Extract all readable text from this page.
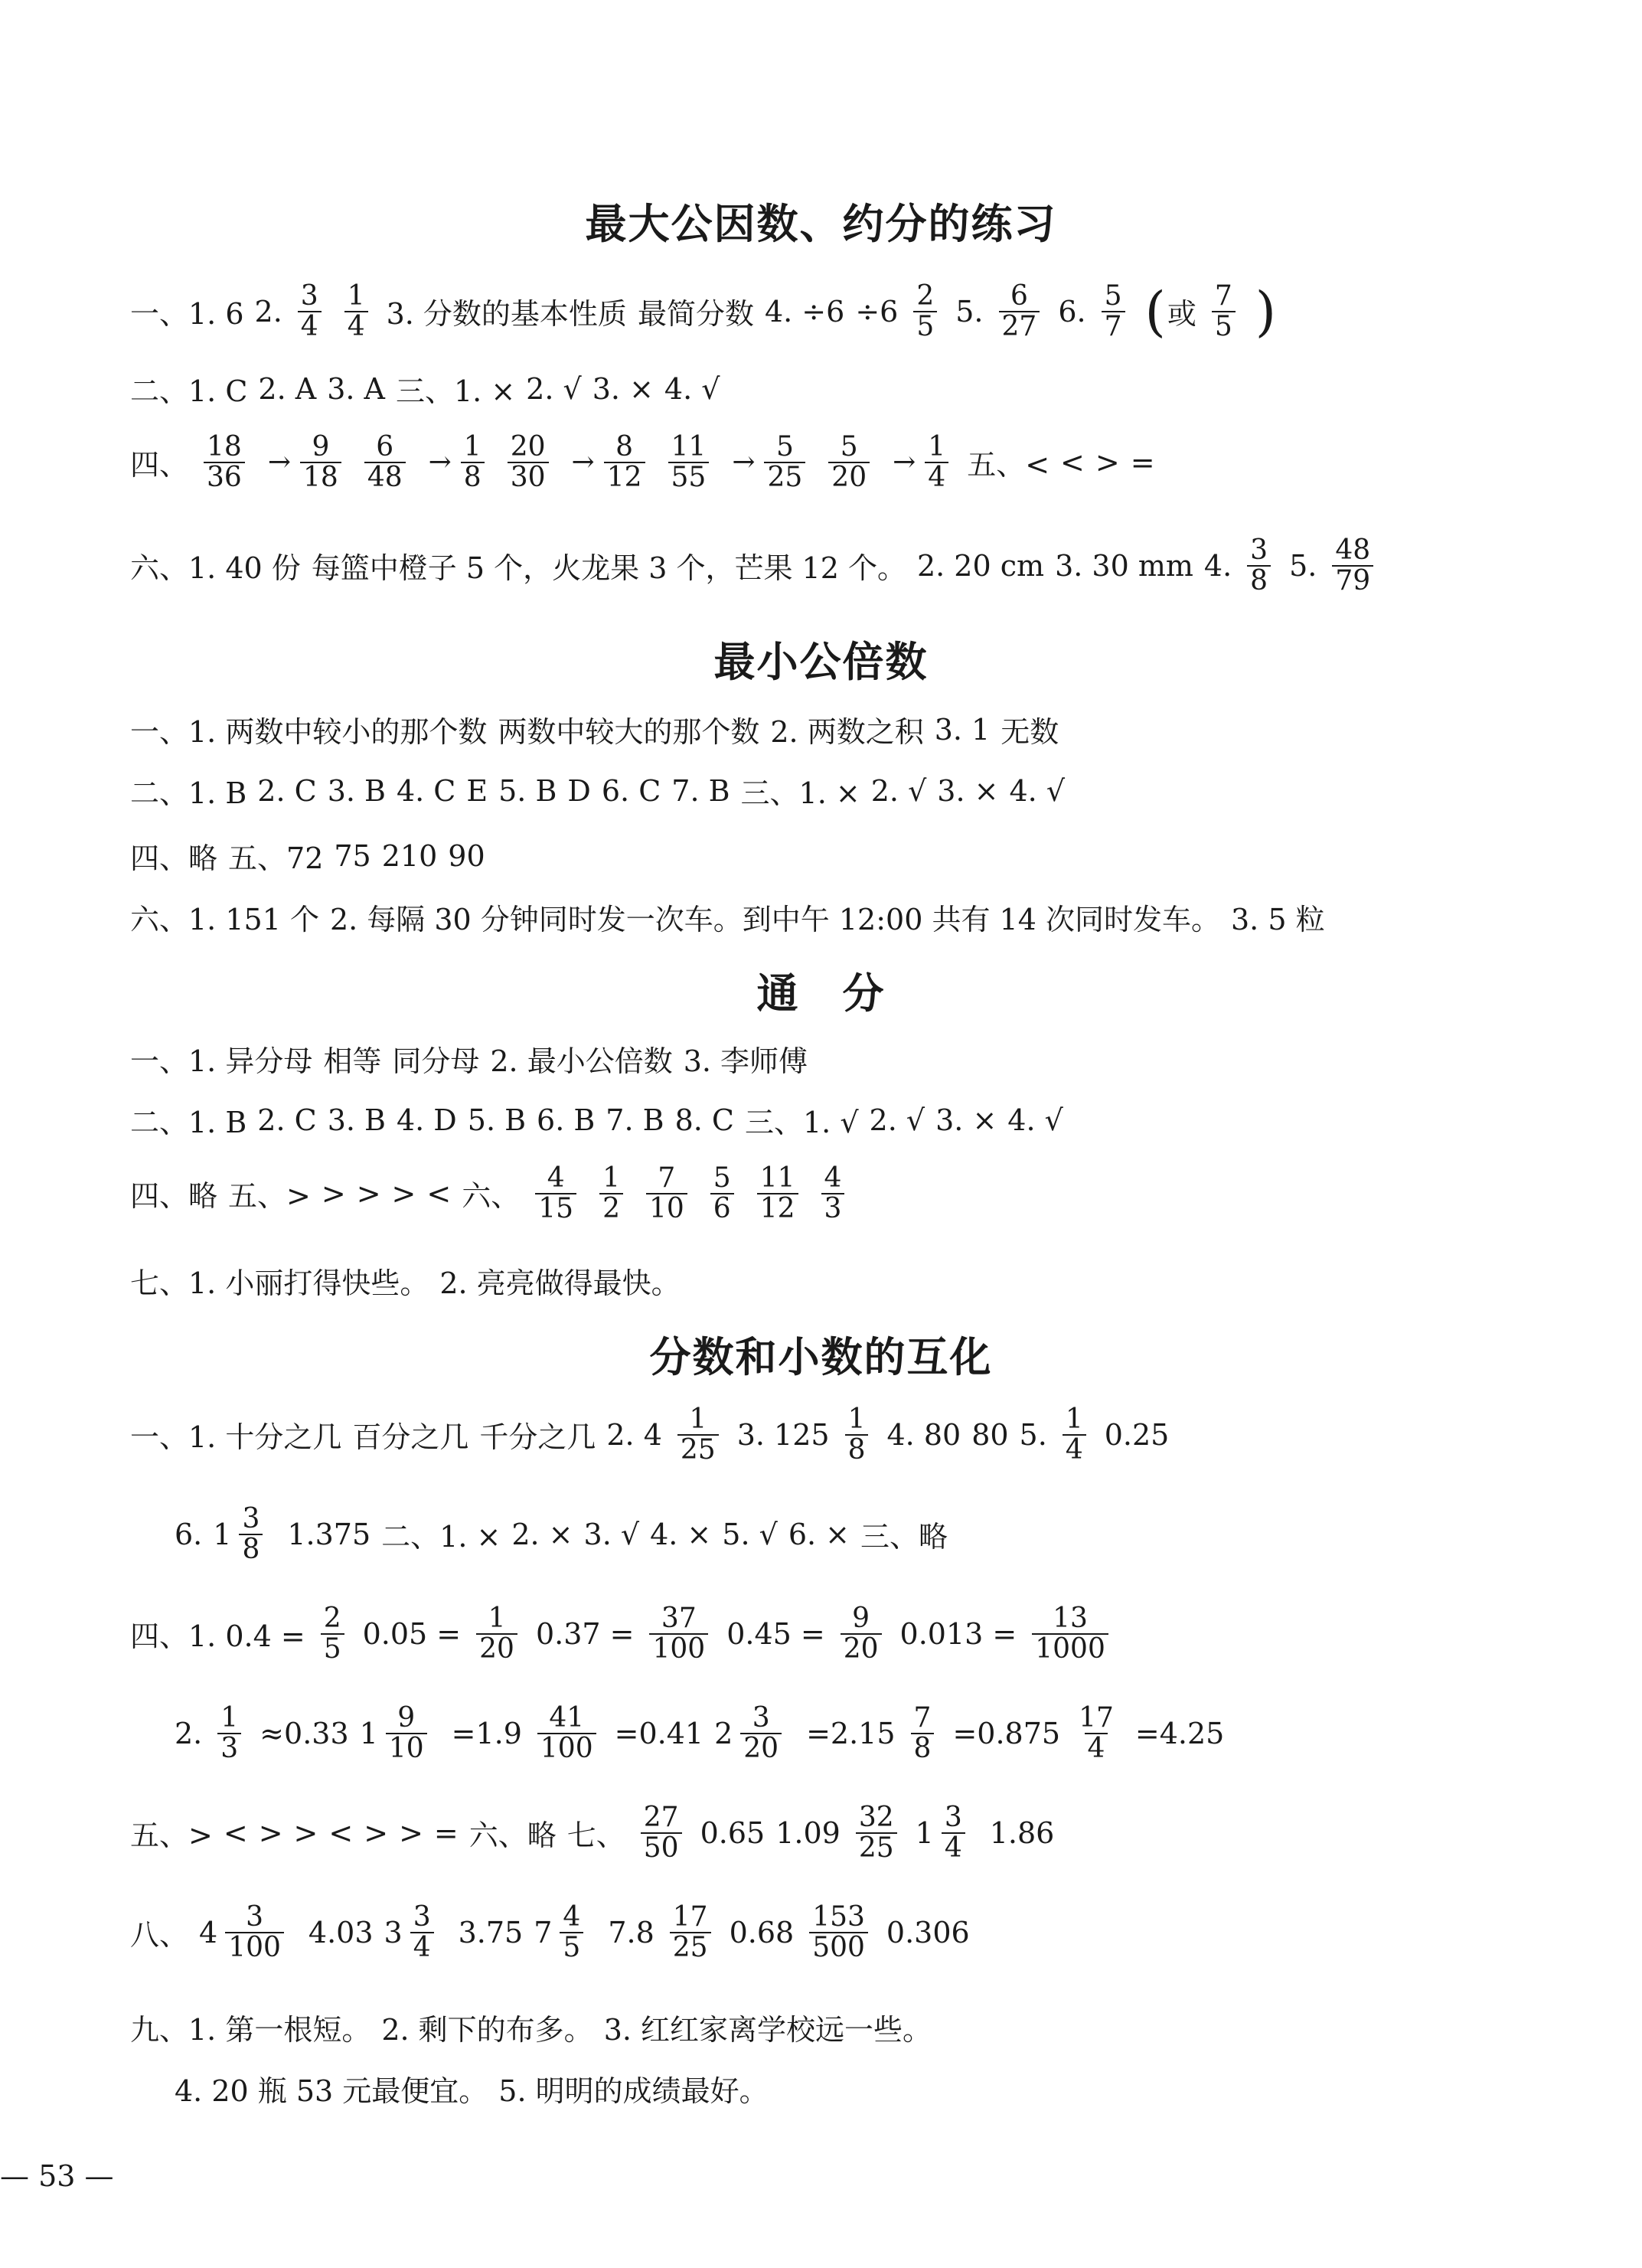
最大公因数、约分的练习
一、1. 6 2. $\frac{3}{4} \frac{1}{4} 3$. 分数的基本性质 最简分数 4. $\div 6 \div 6 \frac{2}{5} 5$. $\frac{6}{27} 6$. $\frac{5}{7}$ ( 或 $\frac{7}{5}$ )
二、1. C 2. A 3. A 三、1. × 2. √ 3. × 4. √
四、 $\frac{18}{36} \to \frac{9}{18} \frac{6}{48} \to \frac{1}{8} \frac{20}{30} \to \frac{8}{12} \frac{11}{55} \to \frac{5}{25} \frac{5}{20} \to \frac{1}{4}$ 五、< < > =
六、1. 40 份 每篮中橙子 5 个，火龙果 3 个，芒果 12 个。 2. 20 cm 3. 30 mm 4. $\frac{3}{8} 5$. $\frac{48}{79}$
最小公倍数
一、1. 两数中较小的那个数 两数中较大的那个数 2. 两数之积 3. 1 无数
二、1. B 2. C 3. B 4. C E 5. B D 6. C 7. B 三、1. × 2. √ 3. × 4. √
四、略 五、72 75 210 90
六、1. 151 个 2. 每隔 30 分钟同时发一次车。到中午 12:00 共有 14 次同时发车。 3. 5 粒
通　分
一、1. 异分母 相等 同分母 2. 最小公倍数 3. 李师傅
二、1. B 2. C 3. B 4. D 5. B 6. B 7. B 8. C 三、1. √ 2. √ 3. × 4. √
四、略 五、> > > > < 六、 $\frac{4}{15} \frac{1}{2} \frac{7}{10} \frac{5}{6} \frac{11}{12} \frac{4}{3}$
七、1. 小丽打得快些。 2. 亮亮做得最快。
分数和小数的互化
一、1. 十分之几 百分之几 千分之几 2. $4 \frac{1}{25} 3$. $125 \frac{1}{8} 4$. 80 80 5. $\frac{1}{4} 0.25$
6. $1 \frac{3}{8} 1.375$ 二、1. × 2. × 3. √ 4. × 5. √ 6. × 三、略
四、1. $0.4 = \frac{2}{5} 0.05 = \frac{1}{20} 0.37 = \frac{37}{100} 0.45 = \frac{9}{20} 0.013 = \frac{13}{1000}$
2. $\frac{1}{3} \approx 0.33$ $1 \frac{9}{10} =1.9 \frac{41}{100} =0.41$ $2 \frac{3}{20} =2.15 \frac{7}{8} =0.875 \frac{17}{4} =4.25$
五、> < > > < > > = 六、略 七、 $\frac{27}{50} 0.65$ $1.09 \frac{32}{25} 1 \frac{3}{4} 1.86$
八、 $4 \frac{3}{100} 4.03$ $3 \frac{3}{4} 3.75$ $7 \frac{4}{5} 7.8 \frac{17}{25} 0.68 \frac{153}{500} 0.306$
九、1. 第一根短。 2. 剩下的布多。 3. 红红家离学校远一些。
4. 20 瓶 53 元最便宜。 5. 明明的成绩最好。
— 53 —
